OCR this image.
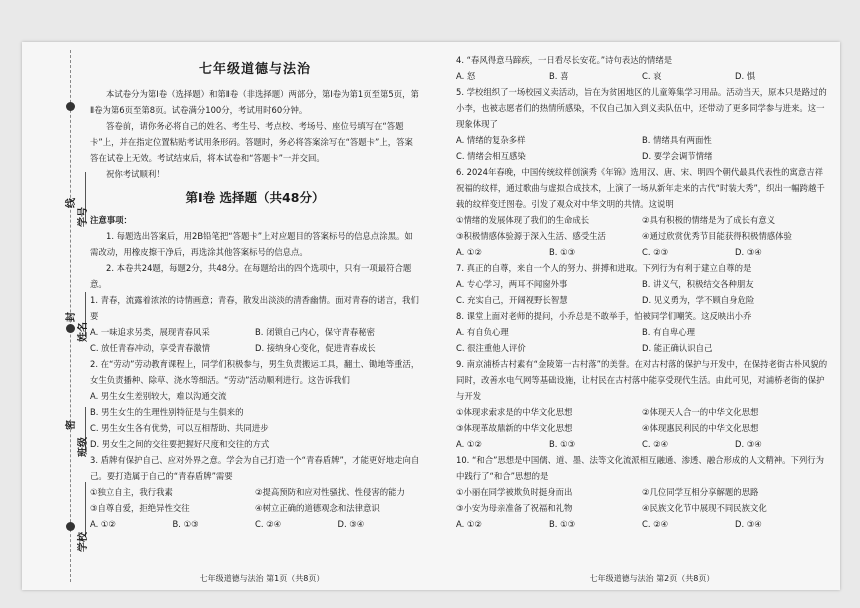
学号
线
姓名
封
班级
密
学校
七年级道德与法治

本试卷分为第Ⅰ卷（选择题）和第Ⅱ卷（非选择题）两部分，第Ⅰ卷为第1页至第5页，第Ⅱ卷为第6页至第8页。试卷满分100分，考试用时60分钟。

答卷前，请你务必将自己的姓名、考生号、考点校、考场号、座位号填写在“答题卡”上，并在指定位置粘贴考试用条形码。答题时，务必将答案涂写在“答题卡”上，答案答在试卷上无效。考试结束后，将本试卷和“答题卡”一并交回。

祝你考试顺利！

第Ⅰ卷 选择题（共48分）

注意事项：

1. 每题选出答案后，用2B铅笔把“答题卡”上对应题目的答案标号的信息点涂黑。如需改动，用橡皮擦干净后，再选涂其他答案标号的信息点。

2. 本卷共24题，每题2分，共48分。在每题给出的四个选项中，只有一项最符合题意。

1. 青春，流露着浓浓的诗情画意；青春，散发出淡淡的清香幽情。面对青春的诺言，我们要

A. 一味追求另类，展现青春风采	B. 闭锁自己内心，保守青春秘密
C. 放任青春冲动，享受青春激情	D. 接纳身心变化，促进青春成长

2. 在“劳动”劳动教育课程上，同学们积极参与，男生负责搬运工具，翻土、锄地等重活，女生负责播种、除草、浇水等细活。“劳动”活动顺利进行。这告诉我们

A. 男生女生差别较大，难以沟通交流
B. 男生女生的生理性别特征是与生俱来的
C. 男生女生各有优势，可以互相帮助、共同进步
D. 男女生之间的交往要把握好尺度和交往的方式

3. 盾牌有保护自己、应对外界之意。学会为自己打造一个“青春盾牌”，才能更好地走向自己。要打造属于自己的“青春盾牌”需要

①独立自主，我行我素	②提高预防和应对性骚扰、性侵害的能力
③自尊自爱，拒绝异性交往	④树立正确的道德观念和法律意识
A. ①②	B. ①③	C. ②④	D. ③④
七年级道德与法治 第1页（共8页）

4. “春风得意马蹄疾，一日看尽长安花。”诗句表达的情绪是

A. 怒	B. 喜	C. 哀	D. 惧

5. 学校组织了一场校园义卖活动，旨在为贫困地区的儿童筹集学习用品。活动当天，原本只是路过的小李，也被志愿者们的热情所感染，不仅自己加入到义卖队伍中，还带动了更多同学参与进来。这一现象体现了

A. 情绪的复杂多样	B. 情绪具有两面性
C. 情绪会相互感染	D. 要学会调节情绪

6. 2024年春晚，中国传统纹样创演秀《年锦》选用汉、唐、宋、明四个朝代最具代表性的寓意吉祥祝福的纹样，通过歌曲与虚拟合成技术，上演了一场从新年走来的古代“时装大秀”，织出一幅跨越千载的纹样变迁图卷。引发了观众对中华文明的共情。这说明

①情绪的发展体现了我们的生命成长	②具有积极的情绪是为了成长有意义
③积极情感体验源于深入生活、感受生活	④通过欣赏优秀节目能获得积极情感体验
A. ①②	B. ①③	C. ②③	D. ③④

7. 真正的自尊，来自一个人的努力、拼搏和进取。下列行为有利于建立自尊的是

A. 专心学习，两耳不闻窗外事	B. 讲义气，积极结交各种朋友
C. 充实自己，开阔视野长智慧	D. 见义勇为，学不顾自身危险

8. 课堂上面对老师的提问，小乔总是不敢举手，怕被同学们嘲笑。这反映出小乔

A. 有自负心理	B. 有自卑心理
C. 很注重他人评价	D. 能正确认识自己

9. 南京浦桥古村素有“金陵第一古村落”的美誉。在对古村落的保护与开发中，在保持老街古朴风貌的同时，改善水电气网等基础设施，让村民在古村落中能享受现代生活。由此可见，对浦桥老街的保护与开发

①体现求索求是的中华文化思想	②体现天人合一的中华文化思想
③体现革故鼎新的中华文化思想	④体现惠民利民的中华文化思想
A. ①②	B. ①③	C. ②④	D. ③④

10. “和合”思想是中国儒、道、墨、法等文化流派相互融通、渗透、融合形成的人文精神。下列行为中践行了“和合”思想的是

①小丽在同学被欺负时挺身而出	②几位同学互相分享解题的思路
③小安为母亲准备了祝福和礼物	④民族文化节中展现不同民族文化
A. ①②	B. ①③	C. ②④	D. ③④
七年级道德与法治 第2页（共8页）
